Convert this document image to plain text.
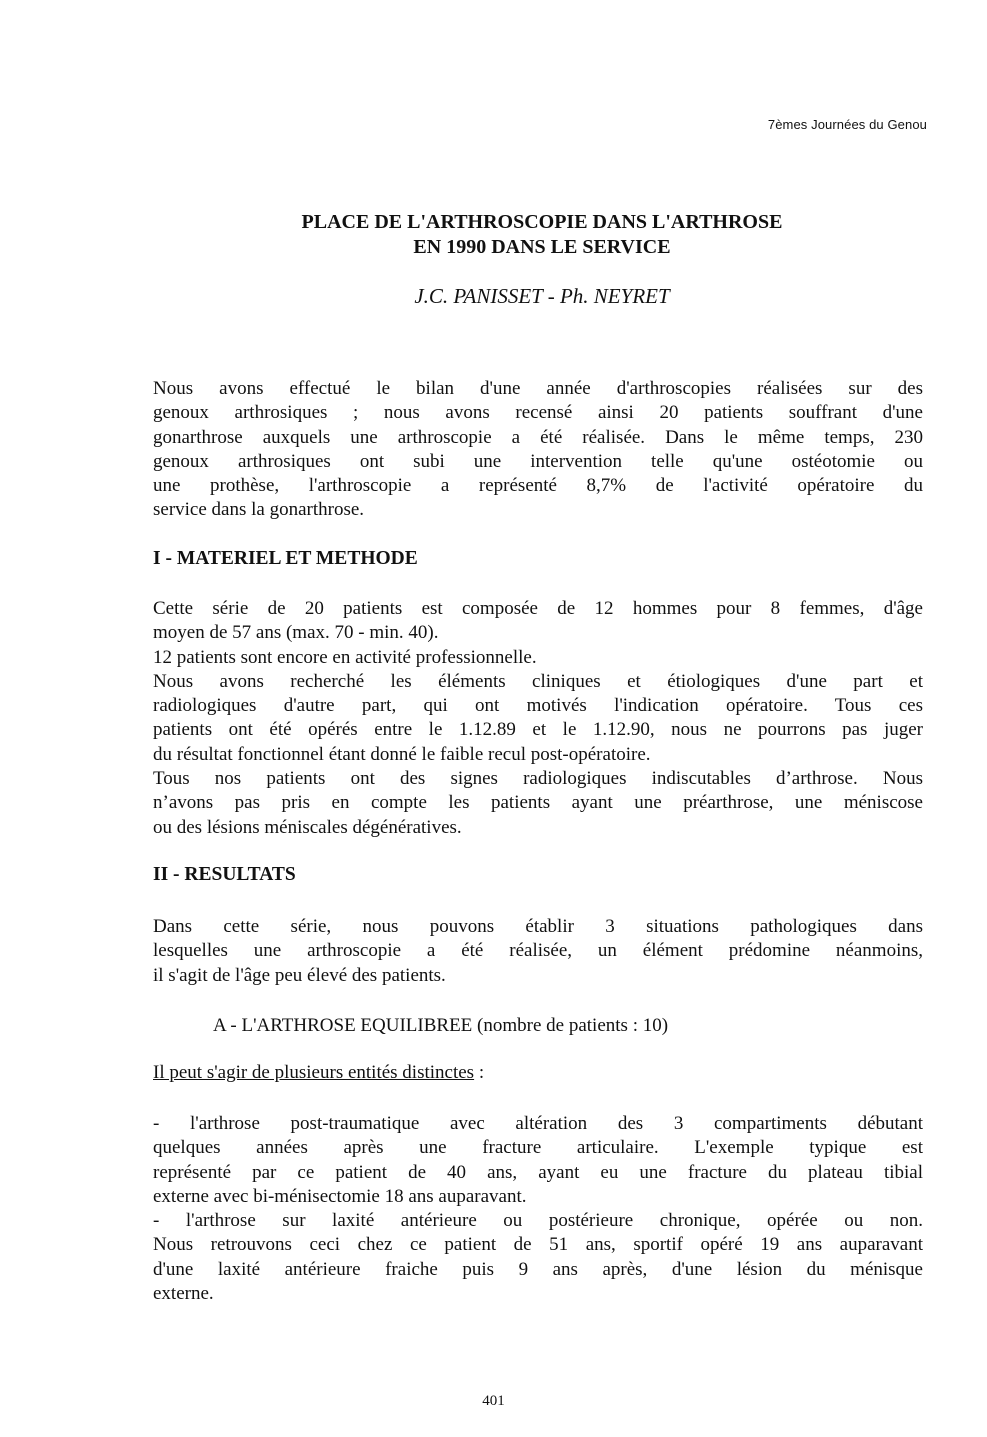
7èmes Journées du Genou
PLACE DE L'ARTHROSCOPIE DANS L'ARTHROSE
EN 1990 DANS LE SERVICE
J.C. PANISSET - Ph. NEYRET
Nous avons effectué le bilan d'une année d'arthroscopies réalisées sur des
genoux arthrosiques ; nous avons recensé ainsi 20 patients souffrant d'une
gonarthrose auxquels une arthroscopie a été réalisée. Dans le même temps, 230
genoux arthrosiques ont subi une intervention telle qu'une ostéotomie ou
une prothèse, l'arthroscopie a représenté 8,7% de l'activité opératoire du
service dans la gonarthrose.
I - MATERIEL ET METHODE
Cette série de 20 patients est composée de 12 hommes pour 8 femmes, d'âge
moyen de 57 ans (max. 70 - min. 40).
12 patients sont encore en activité professionnelle.
Nous avons recherché les éléments cliniques et étiologiques d'une part et
radiologiques d'autre part, qui ont motivés l'indication opératoire. Tous ces
patients ont été opérés entre le 1.12.89 et le 1.12.90, nous ne pourrons pas juger
du résultat fonctionnel étant donné le faible recul post-opératoire.
Tous nos patients ont des signes radiologiques indiscutables d’arthrose. Nous
n’avons pas pris en compte les patients ayant une préarthrose, une méniscose
ou des lésions méniscales dégénératives.
II - RESULTATS
Dans cette série, nous pouvons établir 3 situations pathologiques dans
lesquelles une arthroscopie a été réalisée, un élément prédomine néanmoins,
il s'agit de l'âge peu élevé des patients.
A - L'ARTHROSE EQUILIBREE (nombre de patients : 10)
Il peut s'agir de plusieurs entités distinctes :
- l'arthrose post-traumatique avec altération des 3 compartiments débutant
quelques années après une fracture articulaire. L'exemple typique est
représenté par ce patient de 40 ans, ayant eu une fracture du plateau tibial
externe avec bi-ménisectomie 18 ans auparavant.
- l'arthrose sur laxité antérieure ou postérieure chronique, opérée ou non.
Nous retrouvons ceci chez ce patient de 51 ans, sportif opéré 19 ans auparavant
d'une laxité antérieure fraiche puis 9 ans après, d'une lésion du ménisque
externe.
401
